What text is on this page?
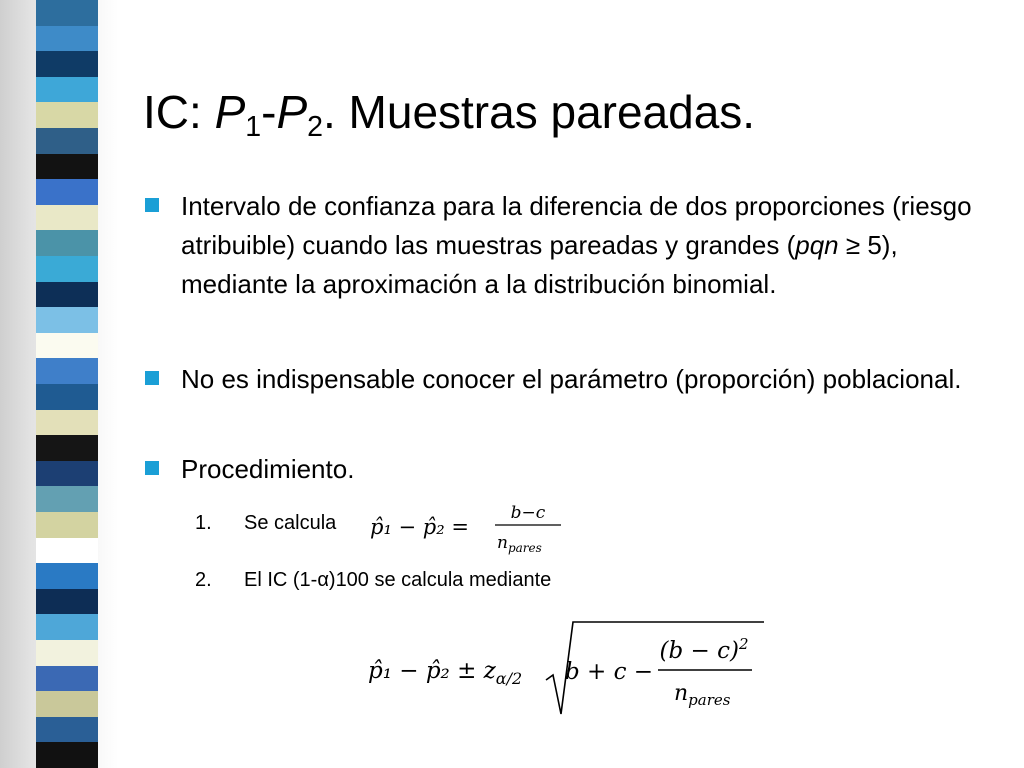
IC: $P_1-P_2$. Muestras pareadas.
Intervalo de confianza para la diferencia de dos proporciones (riesgo atribuible) cuando las muestras pareadas y grandes (pqn ≥ 5), mediante la aproximación a la distribución binomial.
No es indispensable conocer el parámetro (proporción) poblacional.
Procedimiento.
1. Se calcula p̂₁ − p̂₂ =
b−c
$n_{pares}$
2. El IC (1-α)100 se calcula mediante
p̂₁ − p̂₂ ± $z_{\alpha/2}$ b + c −
$(b - c)^2$
$n_{pares}$
